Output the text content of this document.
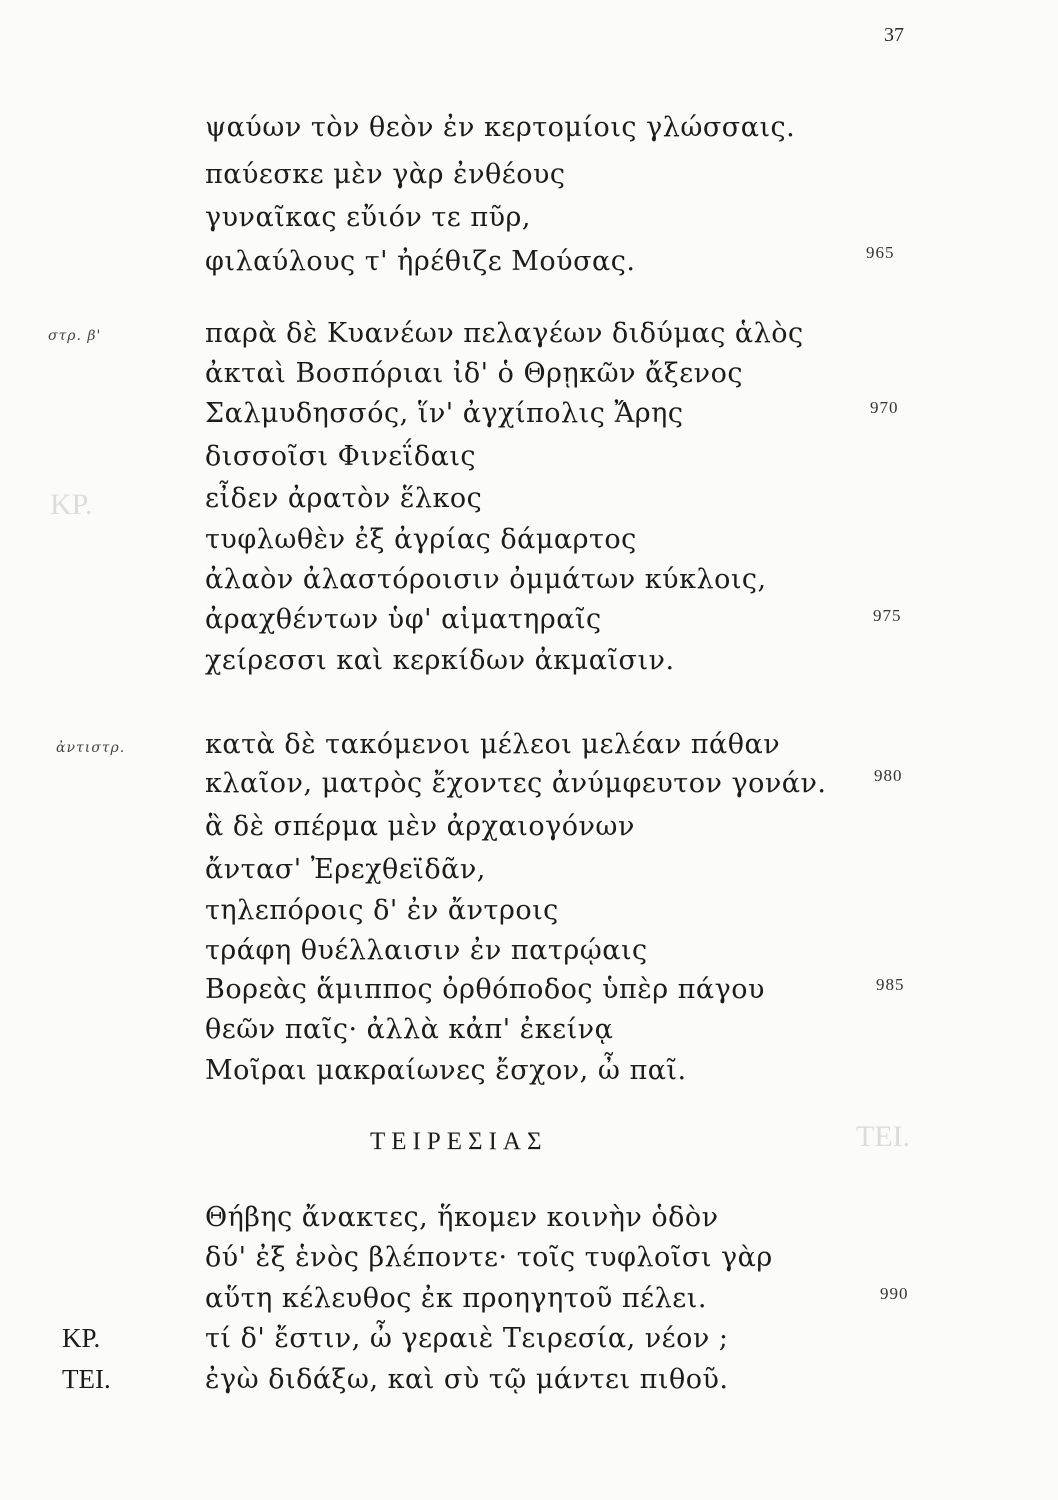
ΚΡ.
ΤΕΙ.
37
ψαύων τὸν θεὸν ἐν κερτομίοις γλώσσαις.
παύεσκε μὲν γὰρ ἐνθέους
γυναῖκας εὔιόν τε πῦρ,
φιλαύλους τ' ἠρέθιζε Μούσας.
στρ. β'	παρὰ δὲ Κυανέων πελαγέων διδύμας ἁλὸς
ἀκταὶ Βοσπόριαι ἰδ' ὁ Θρῃκῶν ἄξενος
Σαλμυδησσός, ἵν' ἀγχίπολις Ἄρης
δισσοῖσι Φινεΐδαις
εἶδεν ἀρατὸν ἕλκος
τυφλωθὲν ἐξ ἀγρίας δάμαρτος
ἀλαὸν ἀλαστόροισιν ὀμμάτων κύκλοις,
ἀραχθέντων ὑφ' αἱματηραῖς
χείρεσσι καὶ κερκίδων ἀκμαῖσιν.
ἀντιστρ.	κατὰ δὲ τακόμενοι μέλεοι μελέαν πάθαν
κλαῖον, ματρὸς ἔχοντες ἀνύμφευτον γονάν.
ἃ δὲ σπέρμα μὲν ἀρχαιογόνων
ἄντασ' Ἐρεχθεϊδᾶν,
τηλεπόροις δ' ἐν ἄντροις
τράφη θυέλλαισιν ἐν πατρῴαις
Βορεὰς ἅμιππος ὀρθόποδος ὑπὲρ πάγου
θεῶν παῖς· ἀλλὰ κἀπ' ἐκείνᾳ
Μοῖραι μακραίωνες ἔσχον, ὦ παῖ.
ΤΕΙΡΕΣΙΑΣ
Θήβης ἄνακτες, ἥκομεν κοινὴν ὁδὸν
δύ' ἐξ ἑνὸς βλέποντε· τοῖς τυφλοῖσι γὰρ
αὕτη κέλευθος ἐκ προηγητοῦ πέλει.
ΚΡ.	τί δ' ἔστιν, ὦ γεραιὲ Τειρεσία, νέον ;
ΤΕΙ.	ἐγὼ διδάξω, καὶ σὺ τῷ μάντει πιθοῦ.
965
970
975
980
985
990
